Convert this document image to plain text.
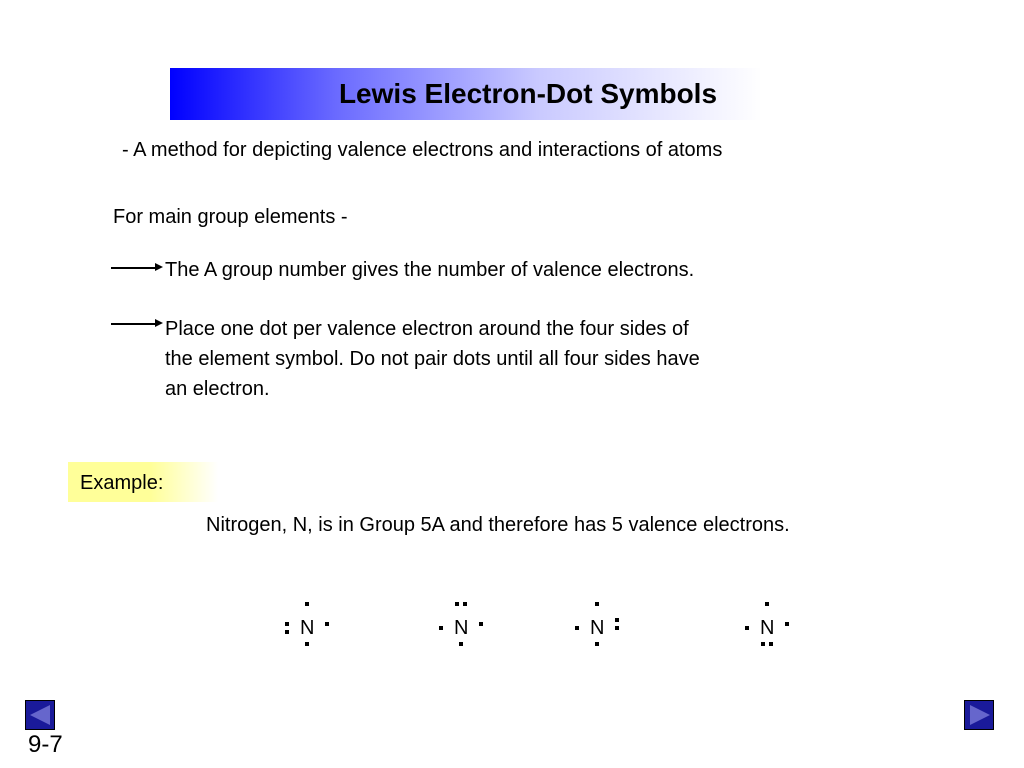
Lewis Electron-Dot Symbols
- A method for depicting valence electrons and interactions of atoms
For main group elements -
The A group number gives the number of valence electrons.
Place one dot per valence electron around the four sides of
the element symbol. Do not pair dots until all four sides have
an electron.
Example:
Nitrogen, N, is in Group 5A and therefore has 5 valence electrons.
N	N	N	N
9-7
